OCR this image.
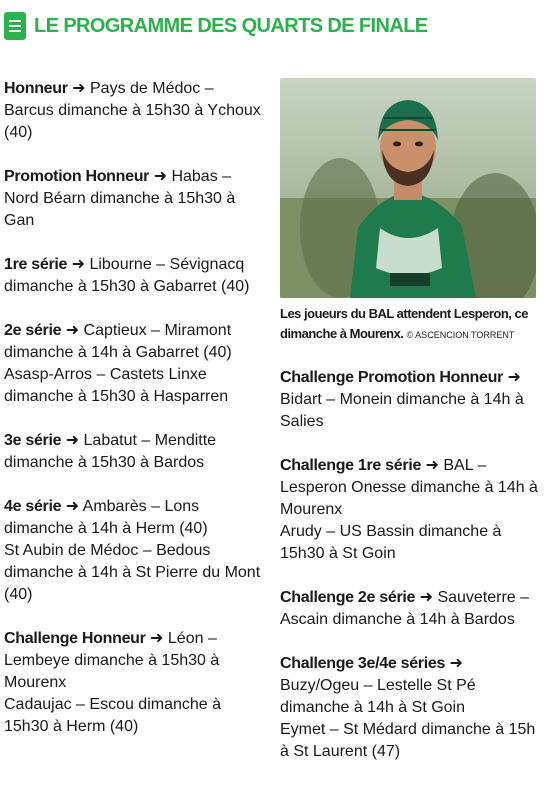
LE PROGRAMME DES QUARTS DE FINALE
Honneur ➜ Pays de Médoc – Barcus dimanche à 15h30 à Ychoux (40)
Promotion Honneur ➜ Habas – Nord Béarn dimanche à 15h30 à Gan
1re série ➜ Libourne – Sévignacq dimanche à 15h30 à Gabarret (40)
2e série ➜ Captieux – Miramont dimanche à 14h à Gabarret (40)
Asasp-Arros – Castets Linxe dimanche à 15h30 à Hasparren
3e série ➜ Labatut – Menditte dimanche à 15h30 à Bardos
4e série ➜ Ambarès – Lons dimanche à 14h à Herm (40)
St Aubin de Médoc – Bedous dimanche à 14h à St Pierre du Mont (40)
Challenge Honneur ➜ Léon – Lembeye dimanche à 15h30 à Mourenx
Cadaujac – Escou dimanche à 15h30 à Herm (40)
Les joueurs du BAL attendent Lesperon, ce dimanche à Mourenx. © ASCENCION TORRENT
Challenge Promotion Honneur ➜ Bidart – Monein dimanche à 14h à Salies
Challenge 1re série ➜ BAL – Lesperon Onesse dimanche à 14h à Mourenx
Arudy – US Bassin dimanche à 15h30 à St Goin
Challenge 2e série ➜ Sauveterre – Ascain dimanche à 14h à Bardos
Challenge 3e/4e séries ➜
Buzy/Ogeu – Lestelle St Pé dimanche à 14h à St Goin
Eymet – St Médard dimanche à 15h à St Laurent (47)
